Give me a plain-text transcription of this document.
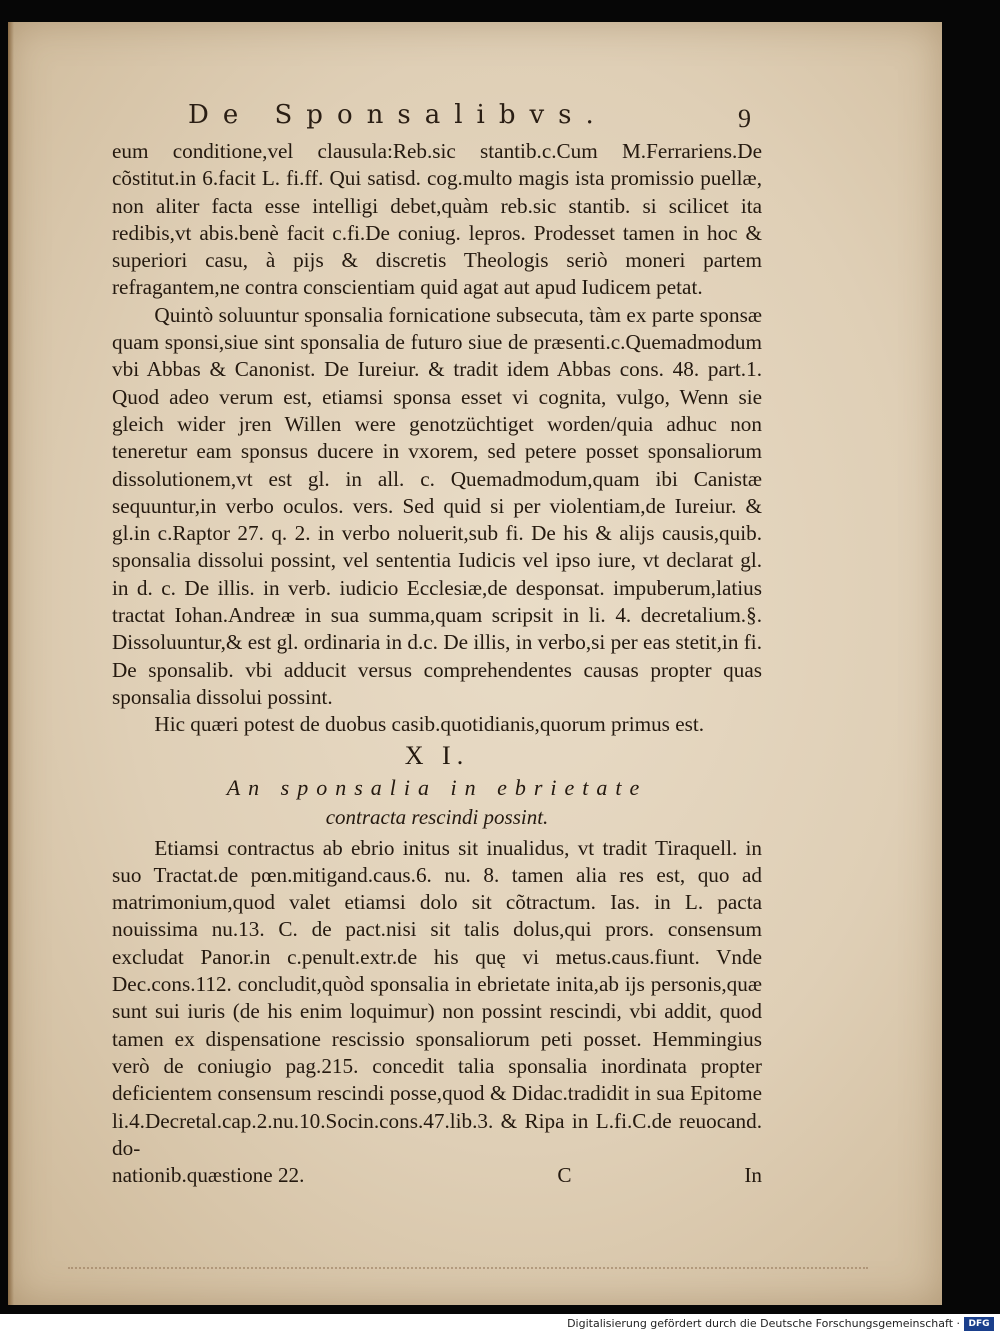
De Sponsalibvs.	9

eum conditione,vel clausula:Reb.sic stantib.c.Cum M.Ferrariens.De cõstitut.in 6.facit L. fi.ff. Qui satisd. cog.multo magis ista promissio puellæ, non aliter facta esse intelligi debet,quàm reb.sic stantib. si scilicet ita redibis,vt abis.benè facit c.fi.De coniug. lepros. Prodesset tamen in hoc & superiori casu, à pijs & discretis Theologis seriò moneri partem refragantem,ne contra conscientiam quid agat aut apud Iudicem petat.

Quintò soluuntur sponsalia fornicatione subsecuta, tàm ex parte sponsæ quam sponsi,siue sint sponsalia de futuro siue de præsenti.c.Quemadmodum vbi Abbas & Canonist. De Iureiur. & tradit idem Abbas cons. 48. part.1. Quod adeo verum est, etiamsi sponsa esset vi cognita, vulgo, Wenn sie gleich wider jren Willen were genotzüchtiget worden/quia adhuc non teneretur eam sponsus ducere in vxorem, sed petere posset sponsaliorum dissolutionem,vt est gl. in all. c. Quemadmodum,quam ibi Canistæ sequuntur,in verbo oculos. vers. Sed quid si per violentiam,de Iureiur. & gl.in c.Raptor 27. q. 2. in verbo noluerit,sub fi. De his & alijs causis,quib. sponsalia dissolui possint, vel sententia Iudicis vel ipso iure, vt declarat gl. in d. c. De illis. in verb. iudicio Ecclesiæ,de desponsat. impuberum,latius tractat Iohan.Andreæ in sua summa,quam scripsit in li. 4. decretalium.§. Dissoluuntur,& est gl. ordinaria in d.c. De illis, in verbo,si per eas stetit,in fi. De sponsalib. vbi adducit versus comprehendentes causas propter quas sponsalia dissolui possint.

Hic quæri potest de duobus casib.quotidianis,quorum primus est.

X I.
An sponsalia in ebrietate
contracta rescindi possint.

Etiamsi contractus ab ebrio initus sit inualidus, vt tradit Tiraquell. in suo Tractat.de pœn.mitigand.caus.6. nu. 8. tamen alia res est, quo ad matrimonium,quod valet etiamsi dolo sit cõtractum. Ias. in L. pacta nouissima nu.13. C. de pact.nisi sit talis dolus,qui prors. consensum excludat Panor.in c.penult.extr.de his quę vi metus.caus.fiunt. Vnde Dec.cons.112. concludit,quòd sponsalia in ebrietate inita,ab ijs personis,quæ sunt sui iuris (de his enim loquimur) non possint rescindi, vbi addit, quod tamen ex dispensatione rescissio sponsaliorum peti posset. Hemmingius verò de coniugio pag.215. concedit talia sponsalia inordinata propter deficientem consensum rescindi posse,quod & Didac.tradidit in sua Epitome li.4.Decretal.cap.2.nu.10.Socin.cons.47.lib.3. & Ripa in L.fi.C.de reuocand. do-

nationib.quæstione 22.	C	In
Digitalisierung gefördert durch die Deutsche Forschungsgemeinschaft · DFG
